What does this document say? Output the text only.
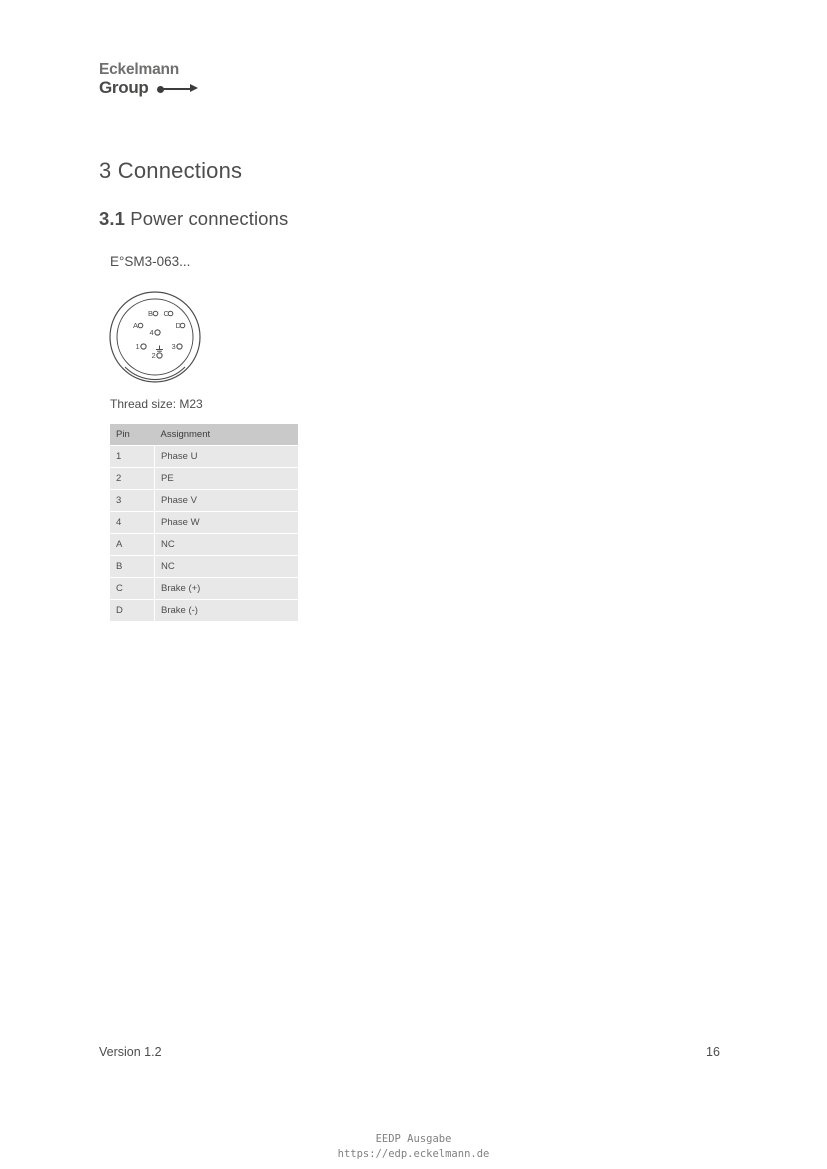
Eckelmann
Group
3 Connections
3.1 Power connections
E°SM3-063...
B C
A	D
4
1	3
2
Thread size: M23
Pin	Assignment
1	Phase U
2	PE
3	Phase V
4	Phase W
A	NC
B	NC
C	Brake (+)
D	Brake (-)
Version 1.2	16
EEDP Ausgabe
https://edp.eckelmann.de
